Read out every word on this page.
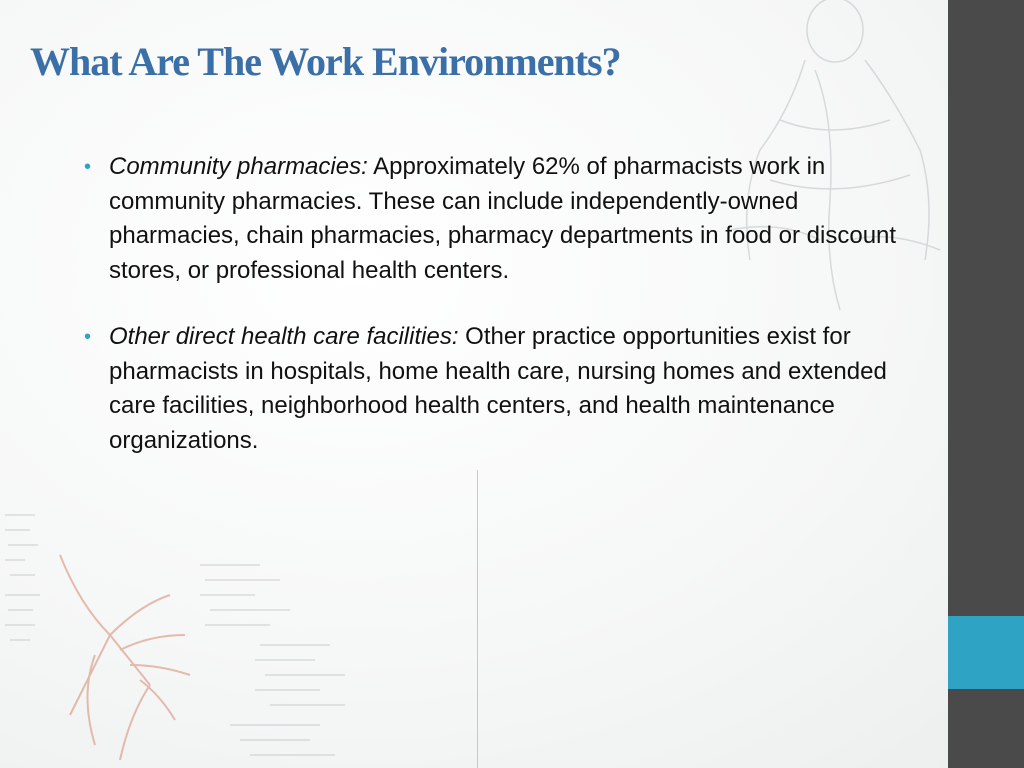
What Are The Work Environments?
• Community pharmacies: Approximately 62% of pharmacists work in community pharmacies. These can include independently-owned pharmacies, chain pharmacies, pharmacy departments in food or discount stores, or professional health centers.
• Other direct health care facilities: Other practice opportunities exist for pharmacists in hospitals, home health care, nursing homes and extended care facilities, neighborhood health centers, and health maintenance organizations.
